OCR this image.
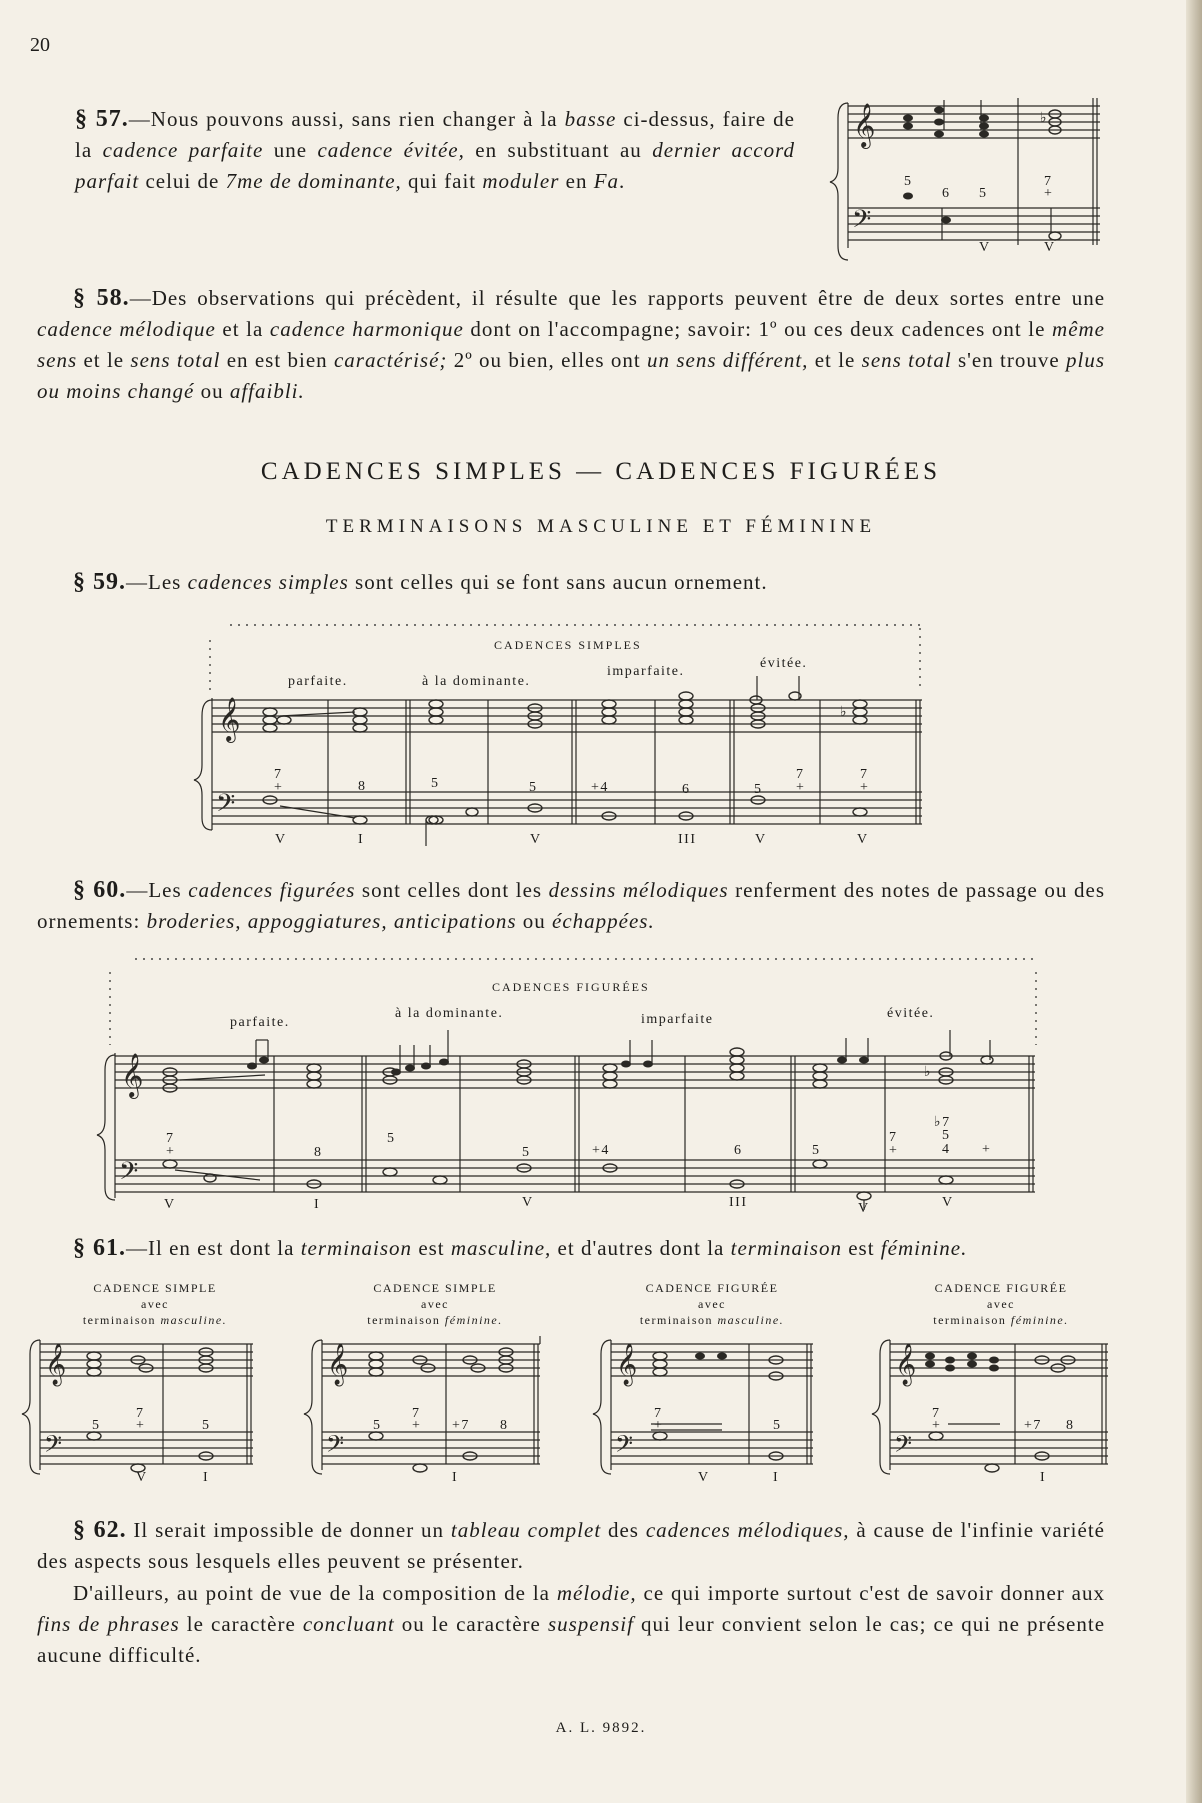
20

§ 57.—Nous pouvons aussi, sans rien changer à la basse ci-dessus, faire de la cadence parfaite une cadence évitée, en substituant au dernier accord parfait celui de 7me de dominante, qui fait moduler en Fa.

§ 58.—Des observations qui précèdent, il résulte que les rapports peuvent être de deux sortes entre une cadence mélodique et la cadence harmonique dont on l'accompagne; savoir: 1º ou ces deux cadences ont le même sens et le sens total en est bien caractérisé; 2º ou bien, elles ont un sens différent, et le sens total s'en trouve plus ou moins changé ou affaibli.

CADENCES SIMPLES — CADENCES FIGURÉES
TERMINAISONS MASCULINE ET FÉMININE

§ 59.—Les cadences simples sont celles qui se font sans aucun ornement.

§ 60.—Les cadences figurées sont celles dont les dessins mélodiques renferment des notes de passage ou des ornements: broderies, appoggiatures, anticipations ou échappées.

§ 61.—Il en est dont la terminaison est masculine, et d'autres dont la terminaison est féminine.

§ 62. Il serait impossible de donner un tableau complet des cadences mélodiques, à cause de l'infinie variété des aspects sous lesquels elles peuvent se présenter.

D'ailleurs, au point de vue de la composition de la mélodie, ce qui importe surtout c'est de savoir donner aux fins de phrases le caractère concluant ou le caractère suspensif qui leur convient selon le cas; ce qui ne présente aucune difficulté.

A. L. 9892.
𝄞
𝄢
♭
5
6 5
7
+
V	V
𝄞
𝄢
♭
CADENCES SIMPLES
parfaite.	à la dominante.
imparfaite.
évitée.
7
+	8	5	5	+4	6	5
7
+
7
+
V	I	V	III	V	V
𝄞
𝄢
♭
CADENCES FIGURÉES
parfaite.
à la dominante.	imparfaite	évitée.
7
+	8
5
5	+4	6	5
7
+
♭7
5
4 +
V	I	V	III	V	V
𝄞
𝄢
𝄞
𝄢
𝄞
𝄢
𝄞
𝄢
CADENCE SIMPLE
avec
terminaison masculine.
CADENCE SIMPLE
avec
terminaison féminine.
CADENCE FIGURÉE
avec
terminaison masculine.
CADENCE FIGURÉE
avec
terminaison féminine.
5
7
+	5
V	I
5
7
+ +7 8
I
7
+	5
V	I
7
+	+7 8
I
